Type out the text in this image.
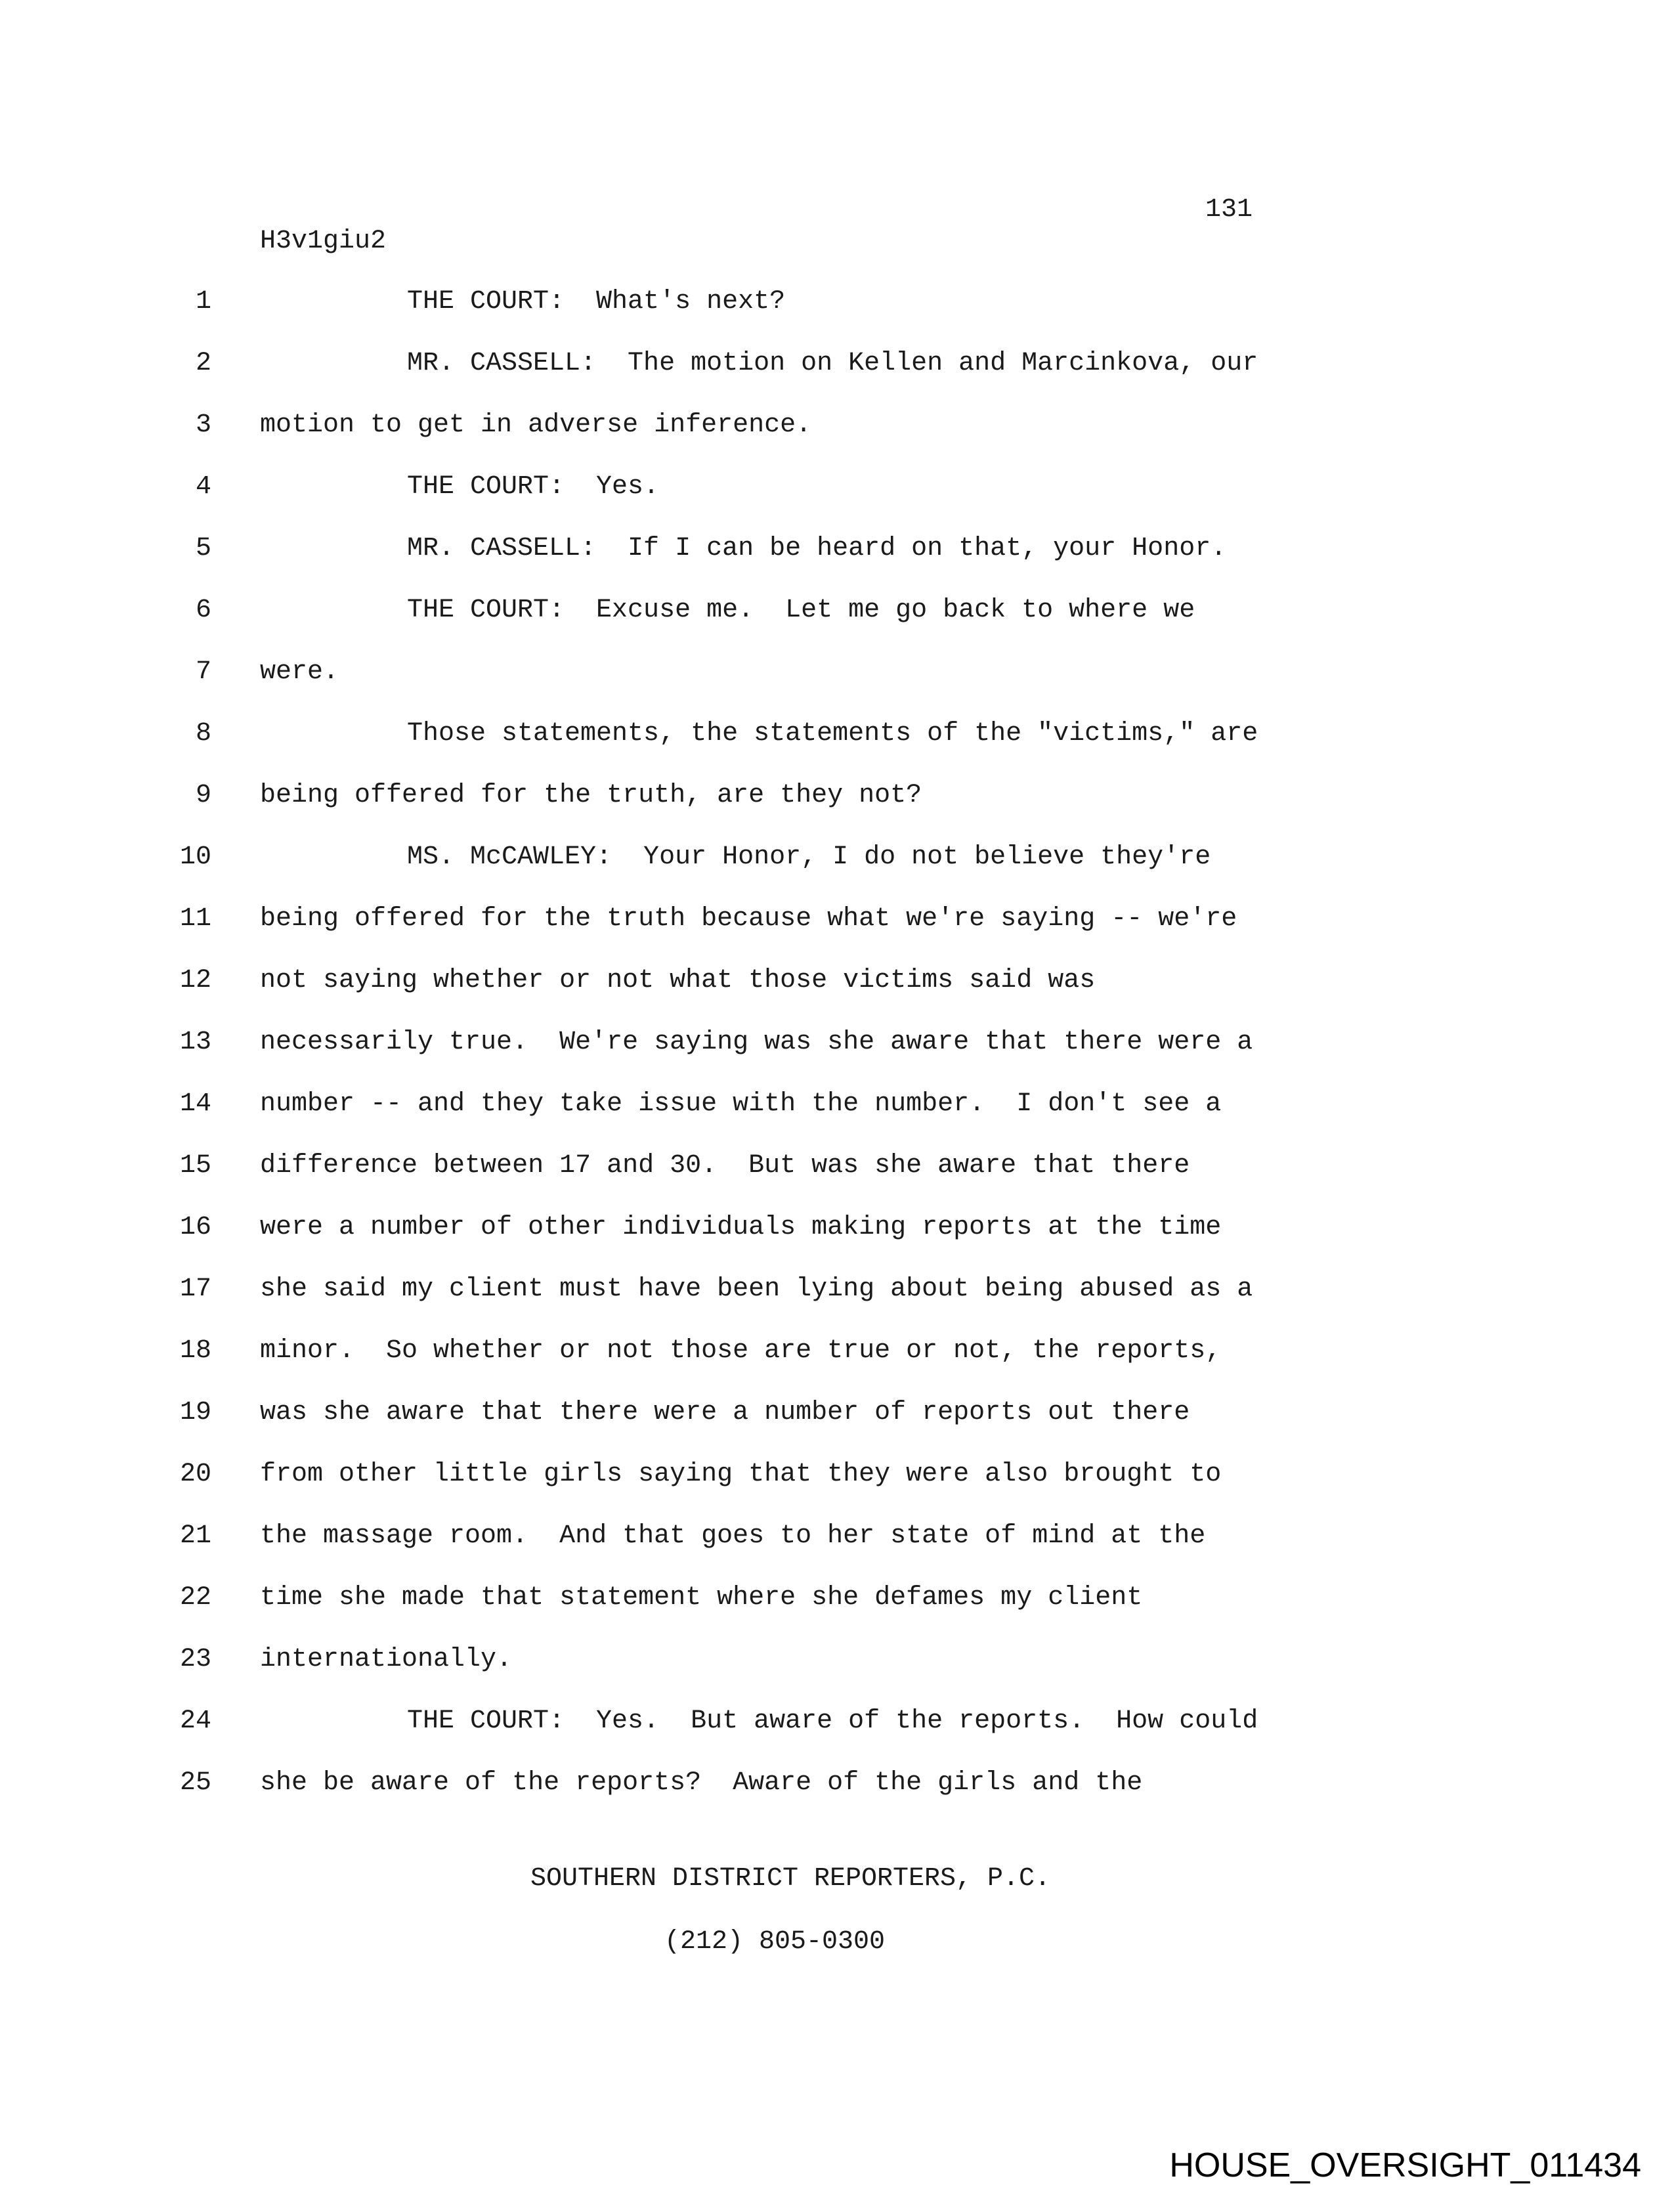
131
H3v1giu2
1	THE COURT:  What's next?
2	MR. CASSELL:  The motion on Kellen and Marcinkova, our
3 motion to get in adverse inference.
4	THE COURT:  Yes.
5	MR. CASSELL:  If I can be heard on that, your Honor.
6	THE COURT:  Excuse me.  Let me go back to where we
7 were.
8	Those statements, the statements of the "victims," are
9 being offered for the truth, are they not?
10	MS. McCAWLEY:  Your Honor, I do not believe they're
11 being offered for the truth because what we're saying -- we're
12 not saying whether or not what those victims said was
13 necessarily true.  We're saying was she aware that there were a
14 number -- and they take issue with the number.  I don't see a
15 difference between 17 and 30.  But was she aware that there
16 were a number of other individuals making reports at the time
17 she said my client must have been lying about being abused as a
18 minor.  So whether or not those are true or not, the reports,
19 was she aware that there were a number of reports out there
20 from other little girls saying that they were also brought to
21 the massage room.  And that goes to her state of mind at the
22 time she made that statement where she defames my client
23 internationally.
24	THE COURT:  Yes.  But aware of the reports.  How could
25 she be aware of the reports?  Aware of the girls and the

SOUTHERN DISTRICT REPORTERS, P.C.

(212) 805-0300

HOUSE_OVERSIGHT_011434
